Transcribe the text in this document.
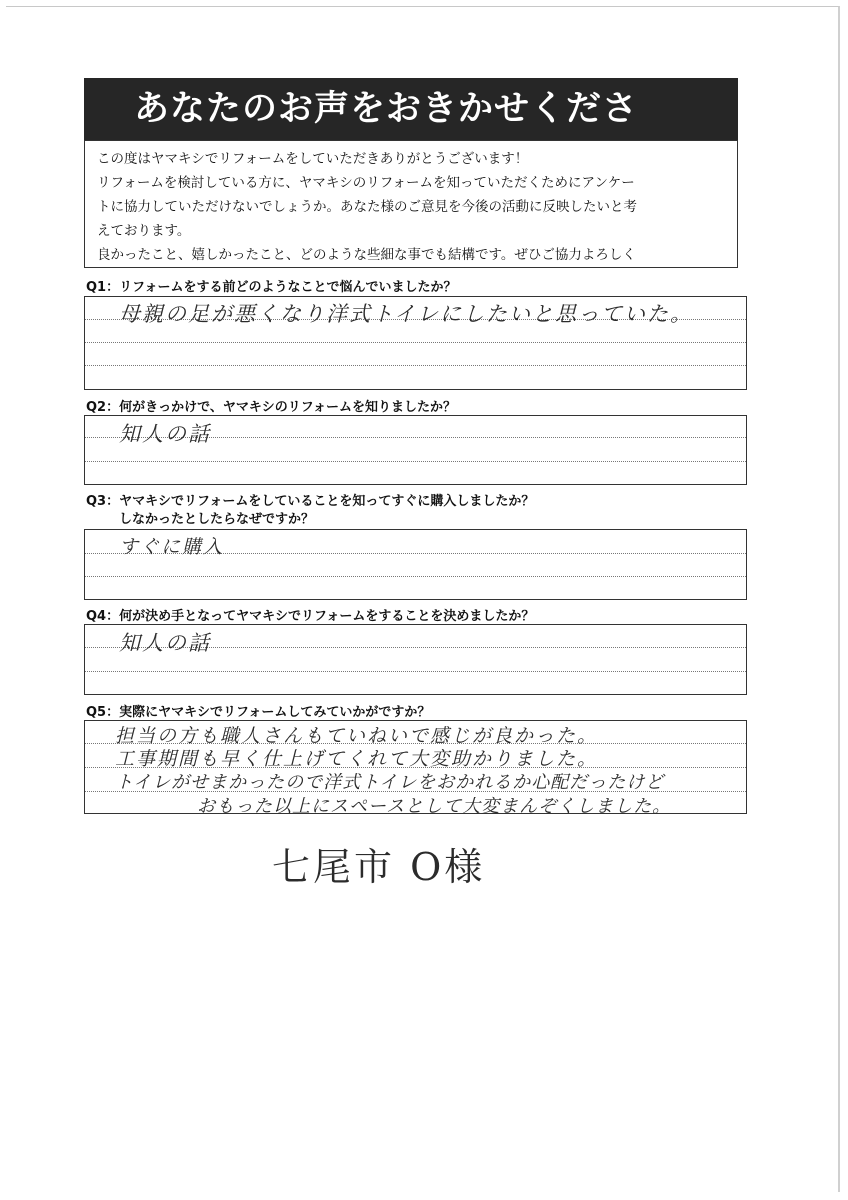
あなたのお声をおきかせくださ

この度はヤマキシでリフォームをしていただきありがとうございます！

リフォームを検討している方に、ヤマキシのリフォームを知っていただくためにアンケー

トに協力していただけないでしょうか。あなた様のご意見を今後の活動に反映したいと考

えております。

良かったこと、嬉しかったこと、どのような些細な事でも結構です。ぜひご協力よろしく

Q1：リフォームをする前どのようなことで悩んでいましたか？
母親の足が悪くなり洋式トイレにしたいと思っていた。
Q2：何がきっかけで、ヤマキシのリフォームを知りましたか？
知人の話
Q3：ヤマキシでリフォームをしていることを知ってすぐに購入しましたか？
しなかったとしたらなぜですか？
すぐに購入
Q4：何が決め手となってヤマキシでリフォームをすることを決めましたか？
知人の話
Q5：実際にヤマキシでリフォームしてみていかがですか？
担当の方も職人さんもていねいで感じが良かった。
工事期間も早く仕上げてくれて大変助かりました。
トイレがせまかったので洋式トイレをおかれるか心配だったけど
おもった以上にスペースとして大変まんぞくしました。
七尾市 O様
